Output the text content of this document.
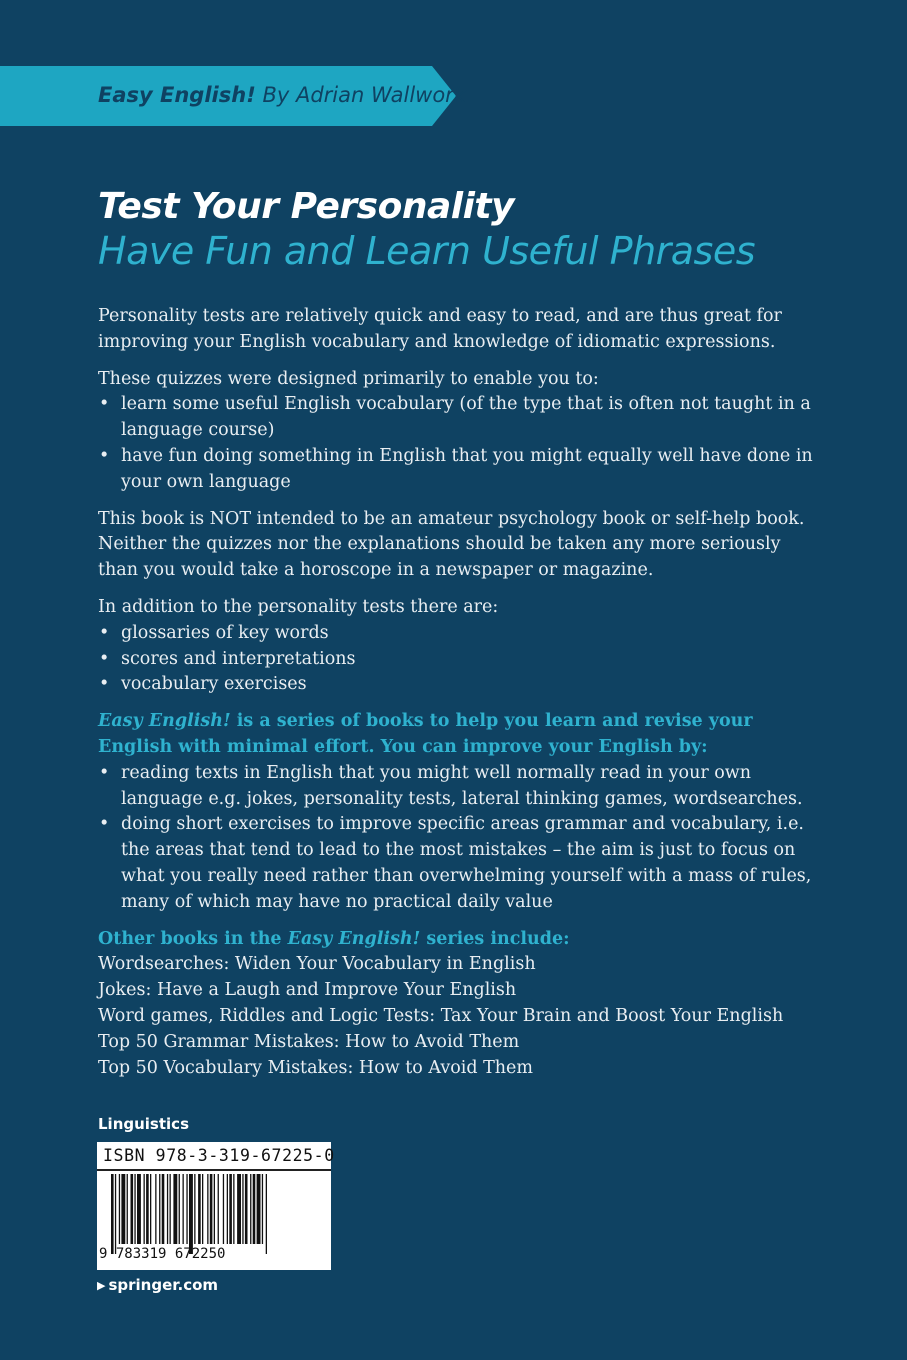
Easy English! By Adrian Wallwork
Test Your Personality
Have Fun and Learn Useful Phrases

Personality tests are relatively quick and easy to read, and are thus great for improving your English vocabulary and knowledge of idiomatic expressions.

These quizzes were designed primarily to enable you to:

• learn some useful English vocabulary (of the type that is often not taught in a language course)
• have fun doing something in English that you might equally well have done in your own language

This book is NOT intended to be an amateur psychology book or self-help book. Neither the quizzes nor the explanations should be taken any more seriously than you would take a horoscope in a newspaper or magazine.

In addition to the personality tests there are:

• glossaries of key words
• scores and interpretations
• vocabulary exercises

Easy English! is a series of books to help you learn and revise your English with minimal effort. You can improve your English by:

• reading texts in English that you might well normally read in your own language e.g. jokes, personality tests, lateral thinking games, wordsearches.
• doing short exercises to improve specific areas grammar and vocabulary, i.e. the areas that tend to lead to the most mistakes – the aim is just to focus on what you really need rather than overwhelming yourself with a mass of rules, many of which may have no practical daily value

Other books in the Easy English! series include:

Wordsearches: Widen Your Vocabulary in English
Jokes: Have a Laugh and Improve Your English
Word games, Riddles and Logic Tests: Tax Your Brain and Boost Your English
Top 50 Grammar Mistakes: How to Avoid Them
Top 50 Vocabulary Mistakes: How to Avoid Them
Linguistics
ISBN 978-3-319-67225-0
9 783319 672250
▶ springer.com
